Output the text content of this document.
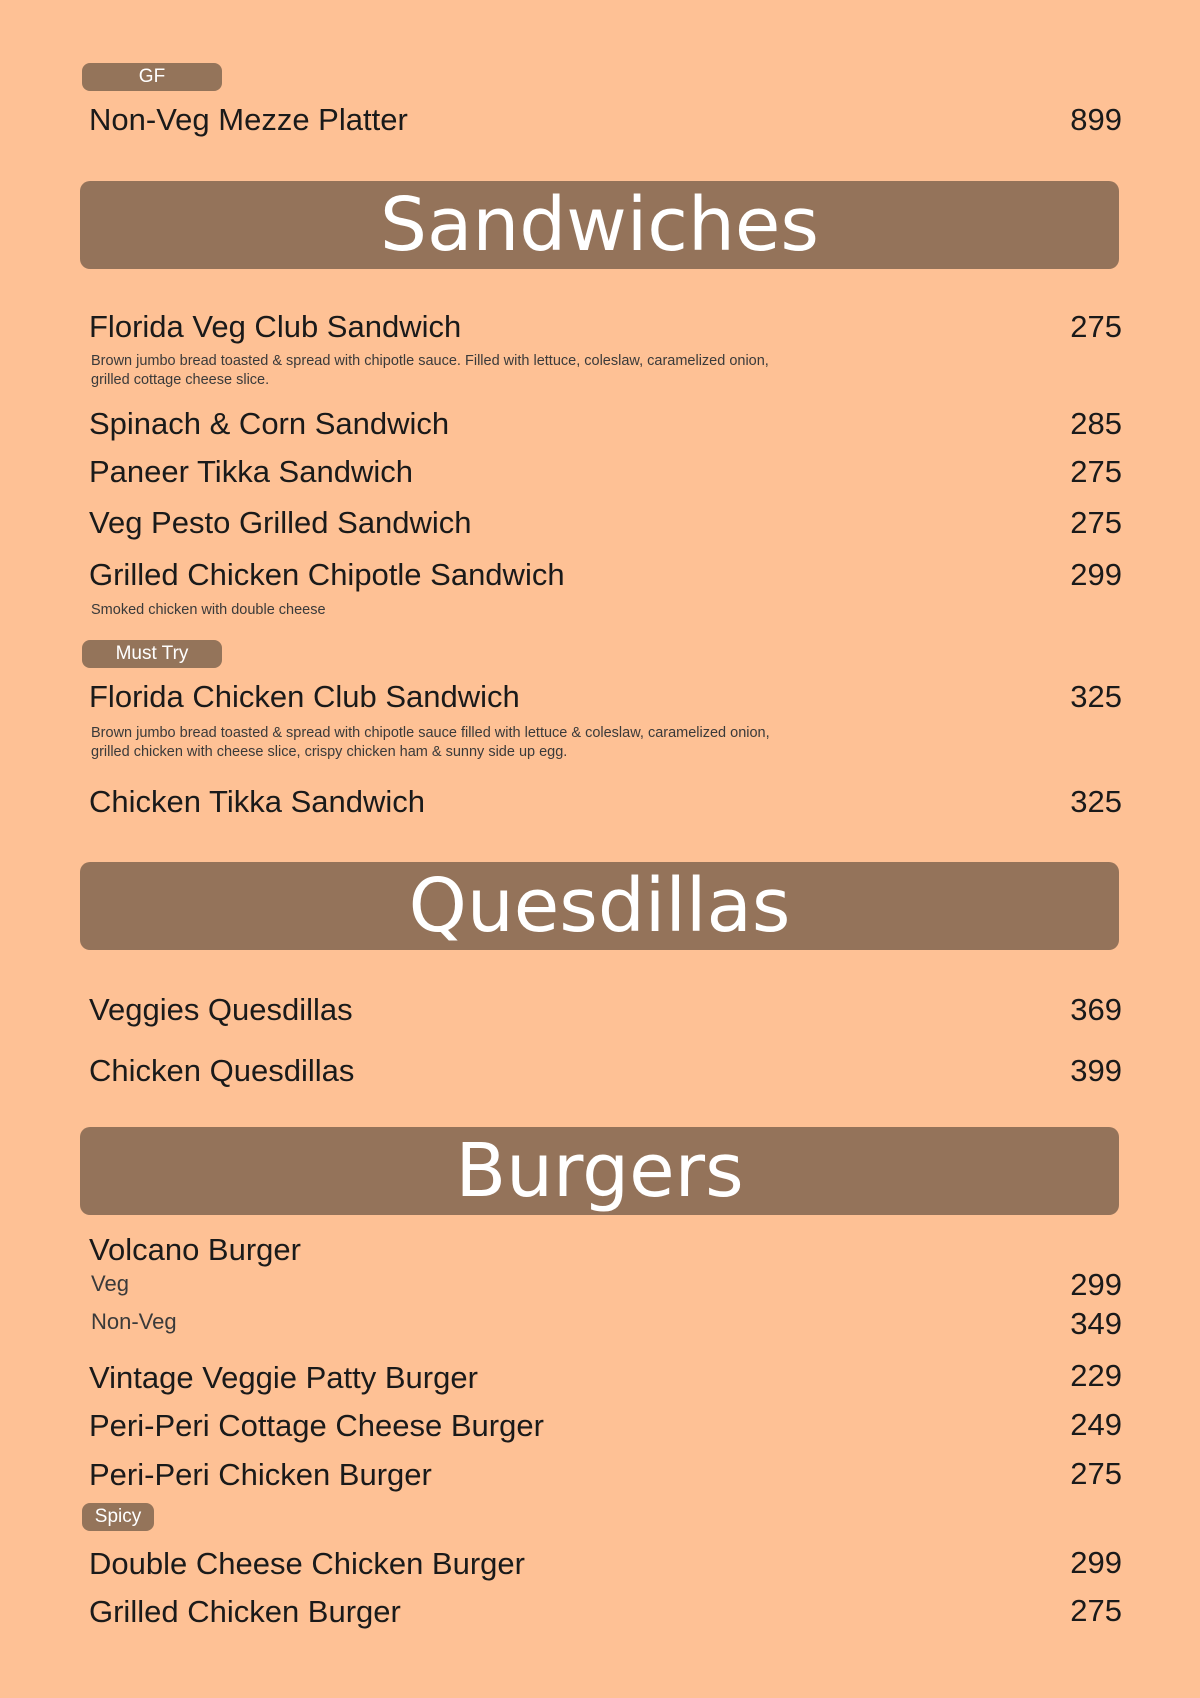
GF
Non-Veg Mezze Platter	899
Sandwiches
Florida Veg Club Sandwich	275
Brown jumbo bread toasted & spread with chipotle sauce. Filled with lettuce, coleslaw, caramelized onion, grilled cottage cheese slice.
Spinach & Corn Sandwich	285
Paneer Tikka Sandwich	275
Veg Pesto Grilled Sandwich	275
Grilled Chicken Chipotle Sandwich	299
Smoked chicken with double cheese
Must Try
Florida Chicken Club Sandwich	325
Brown jumbo bread toasted & spread with chipotle sauce filled with lettuce & coleslaw, caramelized onion, grilled chicken with cheese slice, crispy chicken ham & sunny side up egg.
Chicken Tikka Sandwich	325
Quesdillas
Veggies Quesdillas	369
Chicken Quesdillas	399
Burgers
Volcano Burger
Veg	299
Non-Veg	349
Vintage Veggie Patty Burger	229
Peri-Peri Cottage Cheese Burger	249
Peri-Peri Chicken Burger	275
Spicy
Double Cheese Chicken Burger	299
Grilled Chicken Burger	275
